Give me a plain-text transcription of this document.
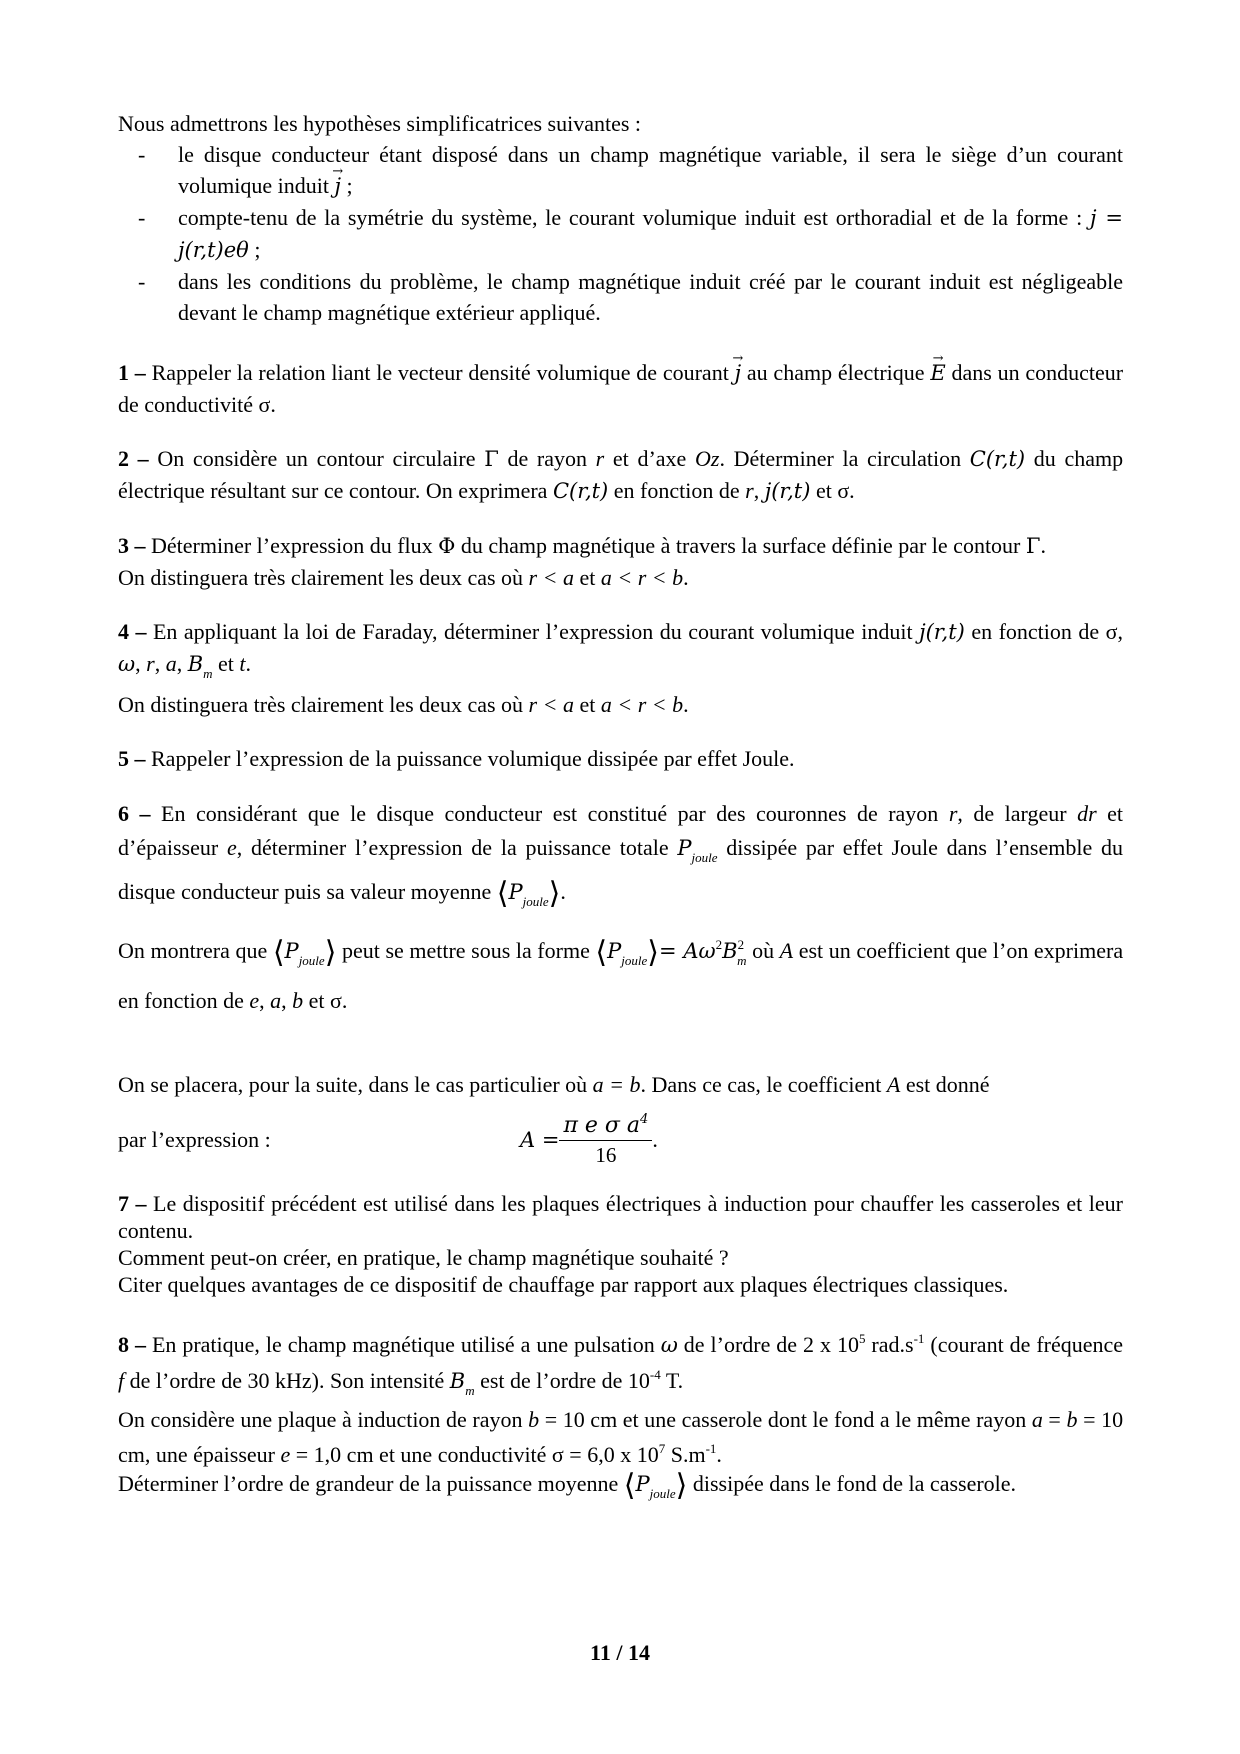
Nous admettrons les hypothèses simplificatrices suivantes :

- le disque conducteur étant disposé dans un champ magnétique variable, il sera le siège d’un courant volumique induit → j ;
- compte-tenu de la symétrie du système, le courant volumique induit est orthoradial et de la forme : j = j(r,t)eθ ;
- dans les conditions du problème, le champ magnétique induit créé par le courant induit est négligeable devant le champ magnétique extérieur appliqué.

1 – Rappeler la relation liant le vecteur densité volumique de courant → j au champ électrique → E dans un conducteur de conductivité σ.

2 – On considère un contour circulaire Γ de rayon r et d’axe Oz. Déterminer la circulation C(r,t) du champ électrique résultant sur ce contour. On exprimera C(r,t) en fonction de r, j(r,t) et σ.

3 – Déterminer l’expression du flux Φ du champ magnétique à travers la surface définie par le contour Γ.
On distinguera très clairement les deux cas où r < a et a < r < b.

4 – En appliquant la loi de Faraday, déterminer l’expression du courant volumique induit j(r,t) en fonction de σ, ω, r, a, $B_m$ et t.
On distinguera très clairement les deux cas où r < a et a < r < b.

5 – Rappeler l’expression de la puissance volumique dissipée par effet Joule.

6 – En considérant que le disque conducteur est constitué par des couronnes de rayon r, de largeur dr et d’épaisseur e, déterminer l’expression de la puissance totale $P_{joule}$ dissipée par effet Joule dans l’ensemble du disque conducteur puis sa valeur moyenne $⟨P_{joule}⟩$.

On montrera que $⟨P_{joule}⟩$ peut se mettre sous la forme $⟨P_{joule}⟩= A\omega^2B^2_m$ où A est un coefficient que l’on exprimera en fonction de e, a, b et σ.

On se placera, pour la suite, dans le cas particulier où a = b. Dans ce cas, le coefficient A est donné

par l’expression :	$A = \frac{\pi e \sigma a^4}{16}$ .

7 – Le dispositif précédent est utilisé dans les plaques électriques à induction pour chauffer les casseroles et leur contenu.
Comment peut-on créer, en pratique, le champ magnétique souhaité ?
Citer quelques avantages de ce dispositif de chauffage par rapport aux plaques électriques classiques.

8 – En pratique, le champ magnétique utilisé a une pulsation ω de l’ordre de 2 x $10^5$ $rad.s^{-1}$ (courant de fréquence f de l’ordre de 30 kHz). Son intensité $B_m$ est de l’ordre de $10^{-4}$ T.
On considère une plaque à induction de rayon b = 10 cm et une casserole dont le fond a le même rayon a = b = 10 cm, une épaisseur e = 1,0 cm et une conductivité σ = 6,0 x $10^7$ $S.m^{-1}$.
Déterminer l’ordre de grandeur de la puissance moyenne $⟨P_{joule}⟩$ dissipée dans le fond de la casserole.

11 / 14
